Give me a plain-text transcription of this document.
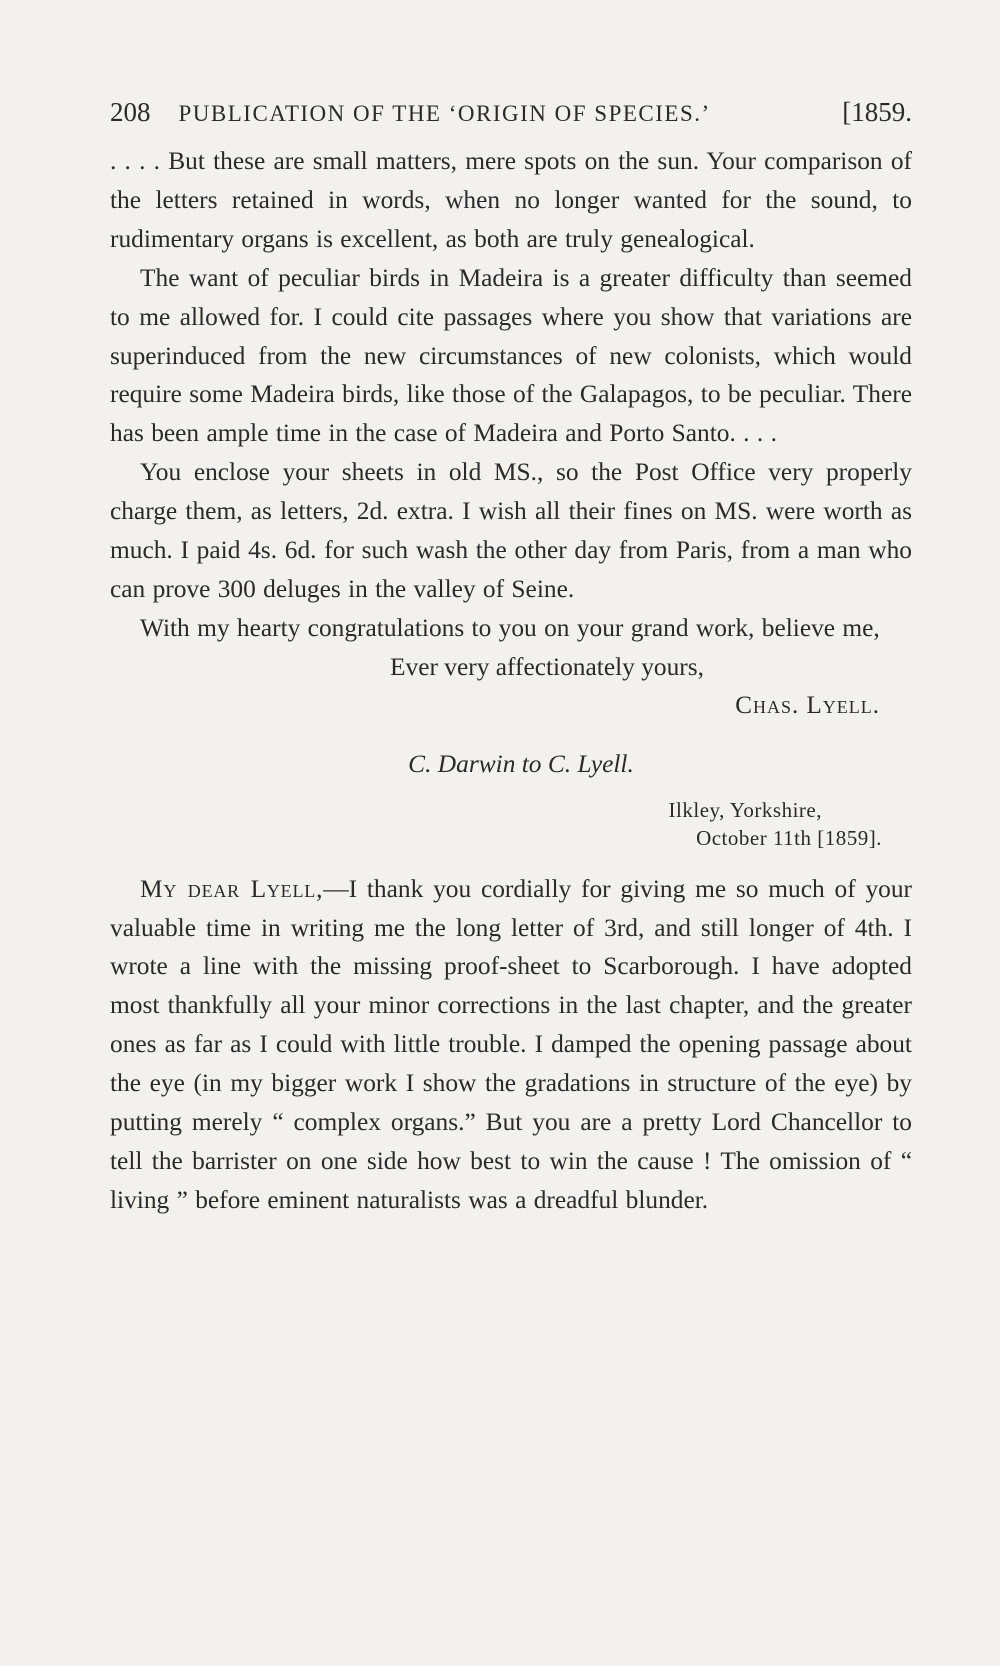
208 PUBLICATION OF THE ‘ORIGIN OF SPECIES.’	[1859.

. . . . But these are small matters, mere spots on the sun. Your comparison of the letters retained in words, when no longer wanted for the sound, to rudimentary organs is excellent, as both are truly genealogical.

The want of peculiar birds in Madeira is a greater difficulty than seemed to me allowed for. I could cite passages where you show that variations are superinduced from the new circumstances of new colonists, which would require some Madeira birds, like those of the Galapagos, to be peculiar. There has been ample time in the case of Madeira and Porto Santo. . . .

You enclose your sheets in old MS., so the Post Office very properly charge them, as letters, 2d. extra. I wish all their fines on MS. were worth as much. I paid 4s. 6d. for such wash the other day from Paris, from a man who can prove 300 deluges in the valley of Seine.

With my hearty congratulations to you on your grand work, believe me,

Ever very affectionately yours,

Chas. Lyell.

C. Darwin to C. Lyell.

Ilkley, Yorkshire,
October 11th [1859].

My dear Lyell,—I thank you cordially for giving me so much of your valuable time in writing me the long letter of 3rd, and still longer of 4th. I wrote a line with the missing proof-sheet to Scarborough. I have adopted most thankfully all your minor corrections in the last chapter, and the greater ones as far as I could with little trouble. I damped the opening passage about the eye (in my bigger work I show the gradations in structure of the eye) by putting merely “ complex organs.” But you are a pretty Lord Chancellor to tell the barrister on one side how best to win the cause ! The omission of “ living ” before eminent naturalists was a dreadful blunder.
